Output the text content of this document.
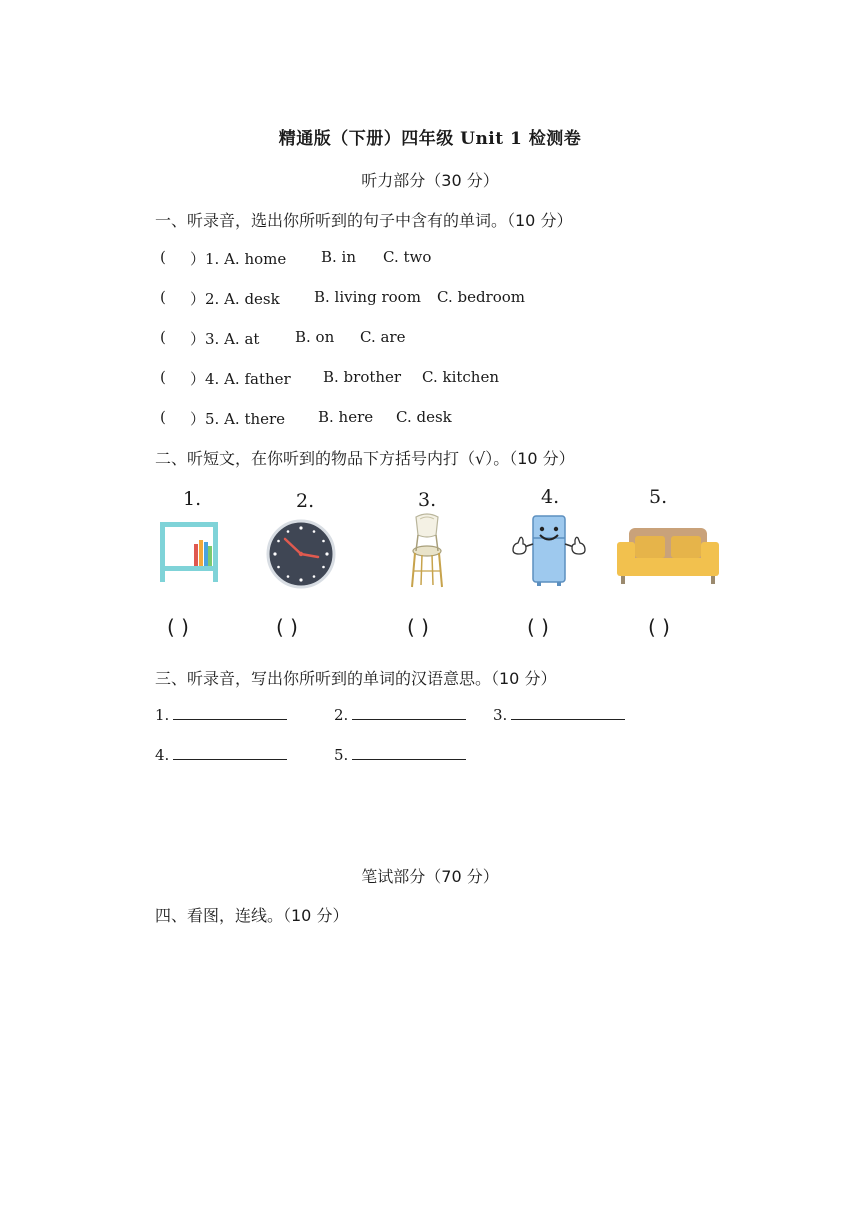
精通版（下册）四年级 Unit 1 检测卷
听力部分（30 分）
一、听录音，选出你所听到的句子中含有的单词。（10 分）
( ）1. A. home B. in C. two
( ）2. A. desk B. living room C. bedroom
( ）3. A. at B. on C. are
( ）4. A. father B. brother C. kitchen
( ）5. A. there B. here C. desk
二、听短文，在你听到的物品下方括号内打（√）。（10 分）
1.	2.	3.	4.	5.
( )	( )	( )	( )	( )
三、听录音，写出你所听到的单词的汉语意思。（10 分）
1.	2.	3.
4.	5.
笔试部分（70 分）
四、看图，连线。（10 分）
